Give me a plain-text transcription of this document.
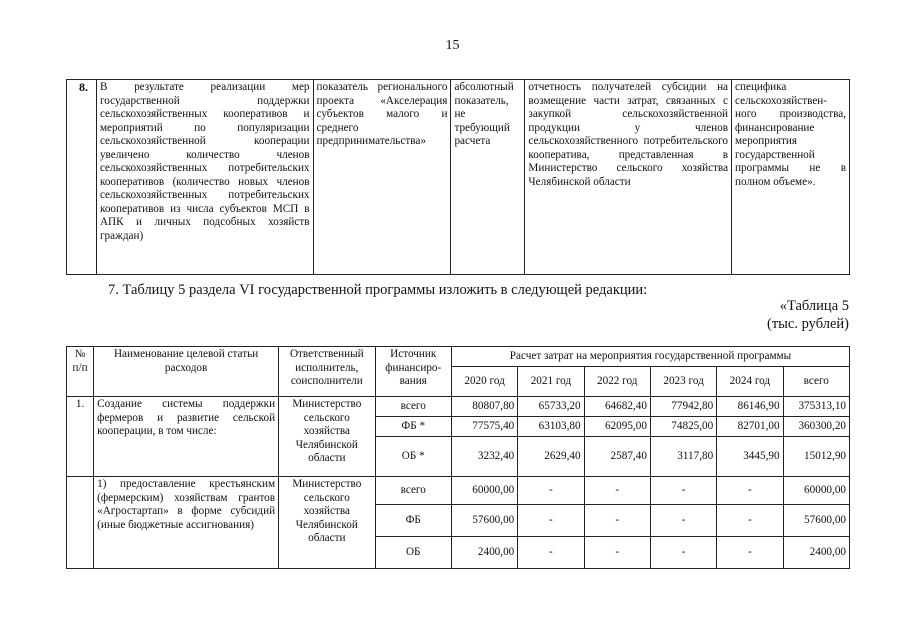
15
8.	В результате реализации мер государственной поддержки сельскохозяйственных кооперативов и мероприятий по популяризации сельскохозяйственной кооперации увеличено количество членов сельскохозяйственных потребительских кооперативов (количество новых членов сельскохозяйственных потребительских кооперативов из числа субъектов МСП в АПК и личных подсобных хозяйств граждан)	показатель регионального проекта «Акселерация субъектов малого и среднего предпринимательства»	абсолютный показатель, не требующий расчета	отчетность получателей субсидии на возмещение части затрат, связанных с закупкой сельскохозяйственной продукции у членов сельскохозяйственного потребительского кооператива, представленная в Министерство сельского хозяйства Челябинской области	специфика сельскохозяйствен-ного производства, финансирование мероприятия государственной программы не в полном объеме».
7. Таблицу 5 раздела VI государственной программы изложить в следующей редакции:
«Таблица 5
(тыс. рублей)
№ п/п	Наименование целевой статьи расходов	Ответственный исполнитель, соисполнители	Источник финансиро-вания	Расчет затрат на мероприятия государственной программы					
				2020 год	2021 год	2022 год	2023 год	2024 год	всего
1.	Создание системы поддержки фермеров и развитие сельской кооперации, в том числе:	Министерство сельского хозяйства Челябинской области	всего	80807,80	65733,20	64682,40	77942,80	86146,90	375313,10
			ФБ *	77575,40	63103,80	62095,00	74825,00	82701,00	360300,20
			ОБ *	3232,40	2629,40	2587,40	3117,80	3445,90	15012,90
	1) предоставление крестьянским (фермерским) хозяйствам грантов «Агростартап» в форме субсидий (иные бюджетные ассигнования)	Министерство сельского хозяйства Челябинской области	всего	60000,00	-	-	-	-	60000,00
			ФБ	57600,00	-	-	-	-	57600,00
			ОБ	2400,00	-	-	-	-	2400,00
